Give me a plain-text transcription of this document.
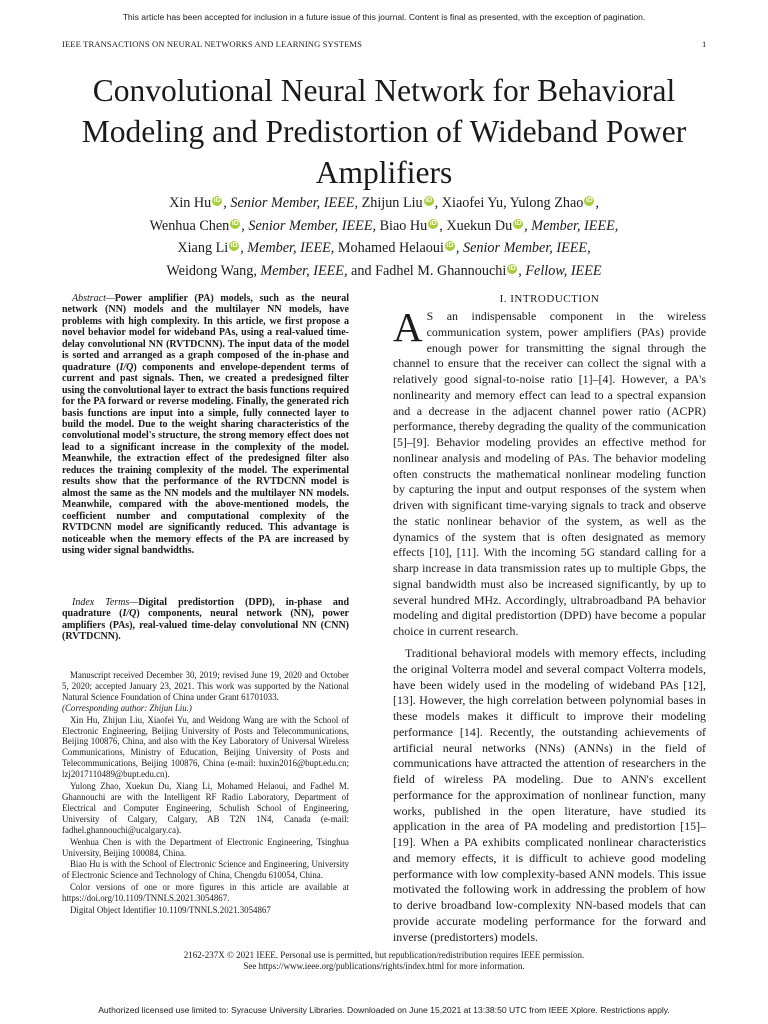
This article has been accepted for inclusion in a future issue of this journal. Content is final as presented, with the exception of pagination.
IEEE TRANSACTIONS ON NEURAL NETWORKS AND LEARNING SYSTEMS	1
Convolutional Neural Network for Behavioral Modeling and Predistortion of Wideband Power Amplifiers
Xin Hu iD , Senior Member, IEEE, Zhijun Liu iD , Xiaofei Yu, Yulong Zhao iD ,
Wenhua Chen iD , Senior Member, IEEE, Biao Hu iD , Xuekun Du iD , Member, IEEE,
Xiang Li iD , Member, IEEE, Mohamed Helaoui iD , Senior Member, IEEE,
Weidong Wang, Member, IEEE, and Fadhel M. Ghannouchi iD , Fellow, IEEE
Abstract—Power amplifier (PA) models, such as the neural network (NN) models and the multilayer NN models, have problems with high complexity. In this article, we first propose a novel behavior model for wideband PAs, using a real-valued time-delay convolutional NN (RVTDCNN). The input data of the model is sorted and arranged as a graph composed of the in-phase and quadrature (I/Q) components and envelope-dependent terms of current and past signals. Then, we created a predesigned filter using the convolutional layer to extract the basis functions required for the PA forward or reverse modeling. Finally, the generated rich basis functions are input into a simple, fully connected layer to build the model. Due to the weight sharing characteristics of the convolutional model's structure, the strong memory effect does not lead to a significant increase in the complexity of the model. Meanwhile, the extraction effect of the predesigned filter also reduces the training complexity of the model. The experimental results show that the performance of the RVTDCNN model is almost the same as the NN models and the multilayer NN models. Meanwhile, compared with the above-mentioned models, the coefficient number and computational complexity of the RVTDCNN model are significantly reduced. This advantage is noticeable when the memory effects of the PA are increased by using wider signal bandwidths.
Index Terms—Digital predistortion (DPD), in-phase and quadrature (I/Q) components, neural network (NN), power amplifiers (PAs), real-valued time-delay convolutional NN (CNN) (RVTDCNN).

Manuscript received December 30, 2019; revised June 19, 2020 and October 5, 2020; accepted January 23, 2021. This work was supported by the National Natural Science Foundation of China under Grant 61701033.
(Corresponding author: Zhijun Liu.)

Xin Hu, Zhijun Liu, Xiaofei Yu, and Weidong Wang are with the School of Electronic Engineering, Beijing University of Posts and Telecommunications, Beijing 100876, China, and also with the Key Laboratory of Universal Wireless Communications, Ministry of Education, Beijing University of Posts and Telecommunications, Beijing 100876, China (e-mail: huxin2016@bupt.edu.cn; lzj2017110489@bupt.edu.cn).

Yulong Zhao, Xuekun Du, Xiang Li, Mohamed Helaoui, and Fadhel M. Ghannouchi are with the Intelligent RF Radio Laboratory, Department of Electrical and Computer Engineering, Schulish School of Engineering, University of Calgary, Calgary, AB T2N 1N4, Canada (e-mail: fadhel.ghannouchi@ucalgary.ca).

Wenhua Chen is with the Department of Electronic Engineering, Tsinghua University, Beijing 100084, China.

Biao Hu is with the School of Electronic Science and Engineering, University of Electronic Science and Technology of China, Chengdu 610054, China.

Color versions of one or more figures in this article are available at https://doi.org/10.1109/TNNLS.2021.3054867.

Digital Object Identifier 10.1109/TNNLS.2021.3054867

I. INTRODUCTION

A S an indispensable component in the wireless communication system, power amplifiers (PAs) provide enough power for transmitting the signal through the channel to ensure that the receiver can collect the signal with a relatively good signal-to-noise ratio [1]–[4]. However, a PA's nonlinearity and memory effect can lead to a spectral expansion and a decrease in the adjacent channel power ratio (ACPR) performance, thereby degrading the quality of the communication [5]–[9]. Behavior modeling provides an effective method for nonlinear analysis and modeling of PAs. The behavior modeling often constructs the mathematical nonlinear modeling function by capturing the input and output responses of the system when driven with significant time-varying signals to track and observe the static nonlinear behavior of the system, as well as the dynamics of the system that is often designated as memory effects [10], [11]. With the incoming 5G standard calling for a sharp increase in data transmission rates up to multiple Gbps, the signal bandwidth must also be increased significantly, by up to several hundred MHz. Accordingly, ultrabroadband PA behavior modeling and digital predistortion (DPD) have become a popular choice in current research.

Traditional behavioral models with memory effects, including the original Volterra model and several compact Volterra models, have been widely used in the modeling of wideband PAs [12], [13]. However, the high correlation between polynomial bases in these models makes it difficult to improve their modeling performance [14]. Recently, the outstanding achievements of artificial neural networks (NNs) (ANNs) in the field of communications have attracted the attention of researchers in the field of wireless PA modeling. Due to ANN's excellent performance for the approximation of nonlinear function, many works, published in the open literature, have studied its application in the area of PA modeling and predistortion [15]–[19]. When a PA exhibits complicated nonlinear characteristics and memory effects, it is difficult to achieve good modeling performance with low complexity-based ANN models. This issue motivated the following work in addressing the problem of how to derive broadband low-complexity NN-based models that can provide accurate modeling performance for the forward and inverse (predistorters) models.

2162-237X © 2021 IEEE. Personal use is permitted, but republication/redistribution requires IEEE permission.
See https://www.ieee.org/publications/rights/index.html for more information.
Authorized licensed use limited to: Syracuse University Libraries. Downloaded on June 15,2021 at 13:38:50 UTC from IEEE Xplore. Restrictions apply.
